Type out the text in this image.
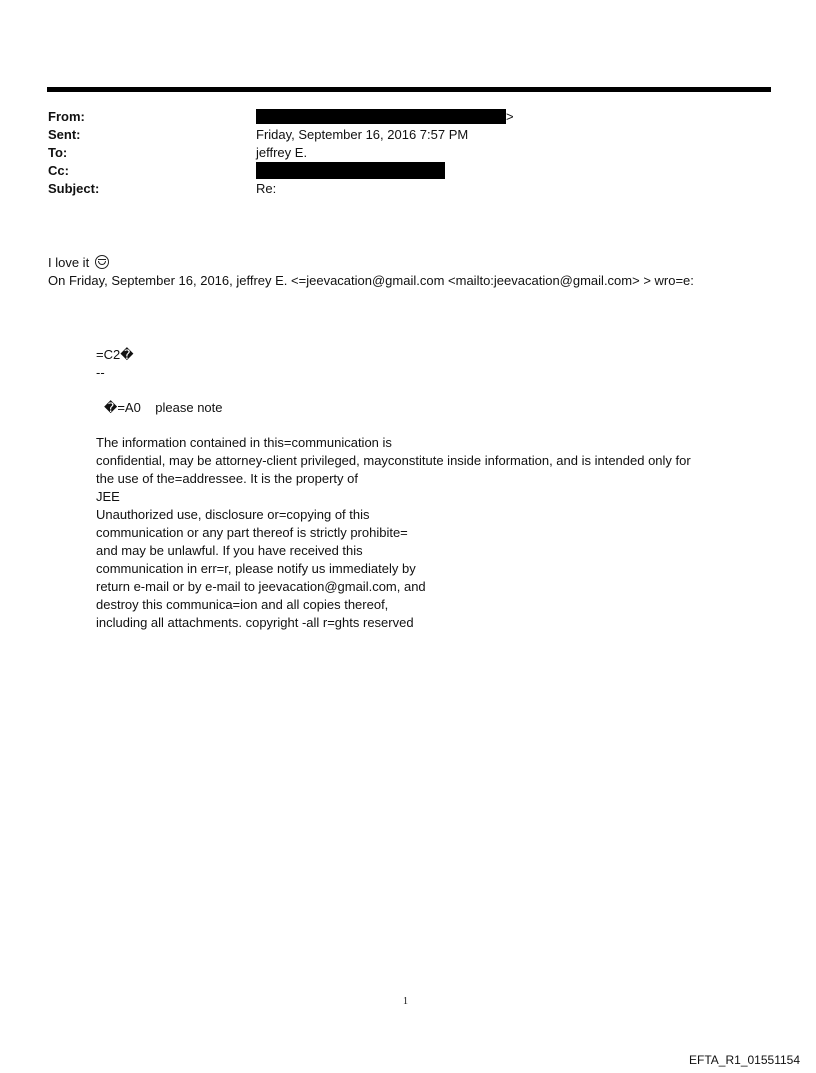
From:	>
Sent:	Friday, September 16, 2016 7:57 PM
To:	jeffrey E.
Cc:
Subject:	Re:
I love it
On Friday, September 16, 2016, jeffrey E. <=jeevacation@gmail.com <mailto:jeevacation@gmail.com> > wro=e:
=C2�
--
�=A0    please note
The information contained in this=communication is
confidential, may be attorney-client privileged, mayconstitute inside information, and is intended only for
the use of the=addressee. It is the property of
JEE
Unauthorized use, disclosure or=copying of this
communication or any part thereof is strictly prohibite=
and may be unlawful. If you have received this
communication in err=r, please notify us immediately by
return e-mail or by e-mail to jeevacation@gmail.com, and
destroy this communica=ion and all copies thereof,
including all attachments. copyright -all r=ghts reserved
1
EFTA_R1_01551154
